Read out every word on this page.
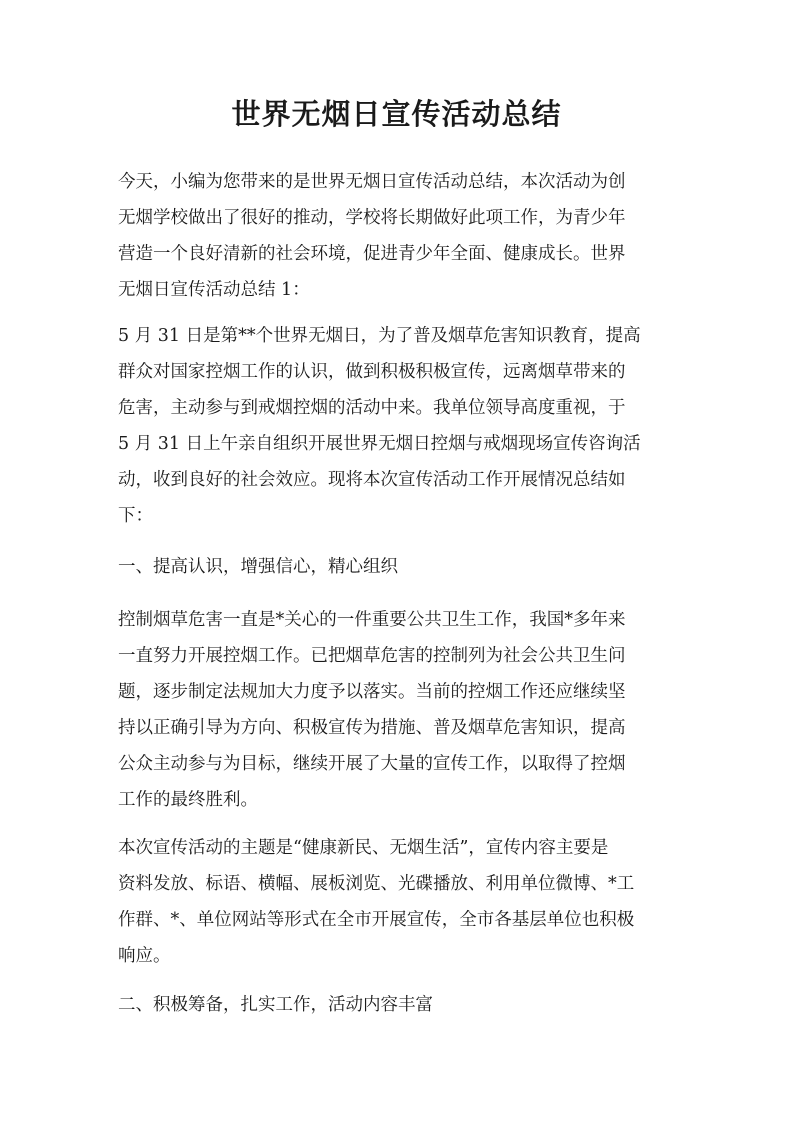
世界无烟日宣传活动总结
今天，小编为您带来的是世界无烟日宣传活动总结，本次活动为创
无烟学校做出了很好的推动，学校将长期做好此项工作，为青少年
营造一个良好清新的社会环境，促进青少年全面、健康成长。世界
无烟日宣传活动总结 1：
5 月 31 日是第**个世界无烟日，为了普及烟草危害知识教育，提高
群众对国家控烟工作的认识，做到积极积极宣传，远离烟草带来的
危害，主动参与到戒烟控烟的活动中来。我单位领导高度重视，于
5 月 31 日上午亲自组织开展世界无烟日控烟与戒烟现场宣传咨询活
动，收到良好的社会效应。现将本次宣传活动工作开展情况总结如
下：
一、提高认识，增强信心，精心组织
控制烟草危害一直是*关心的一件重要公共卫生工作，我国*多年来
一直努力开展控烟工作。已把烟草危害的控制列为社会公共卫生问
题，逐步制定法规加大力度予以落实。当前的控烟工作还应继续坚
持以正确引导为方向、积极宣传为措施、普及烟草危害知识，提高
公众主动参与为目标，继续开展了大量的宣传工作，以取得了控烟
工作的最终胜利。
本次宣传活动的主题是“健康新民、无烟生活”，宣传内容主要是
资料发放、标语、横幅、展板浏览、光碟播放、利用单位微博、*工
作群、*、单位网站等形式在全市开展宣传，全市各基层单位也积极
响应。
二、积极筹备，扎实工作，活动内容丰富
